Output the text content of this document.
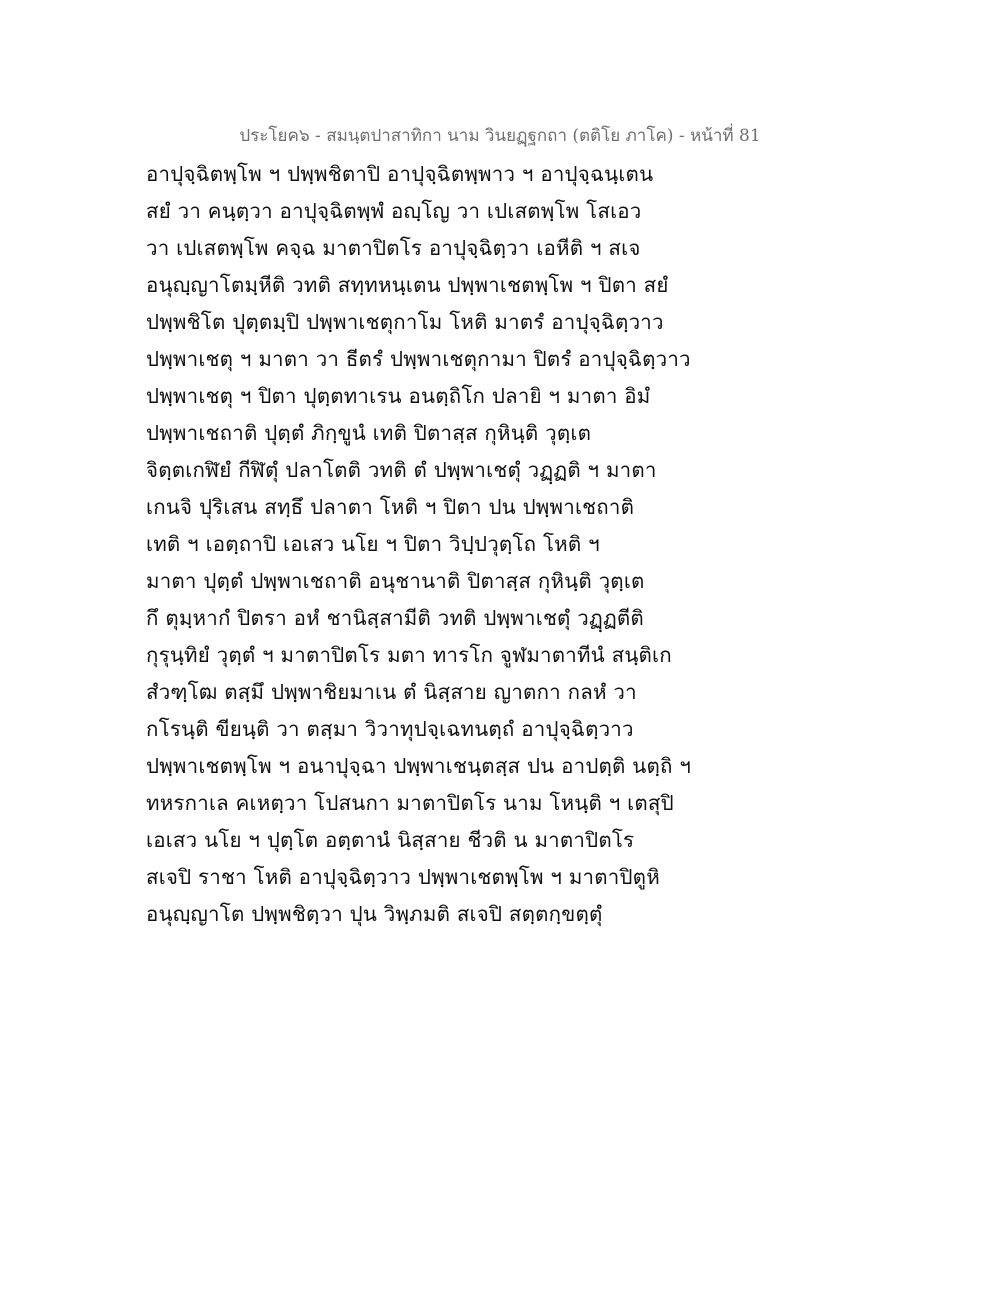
ประโยค๖ - สมนฺตปาสาทิกา นาม วินยฏฺฐกถา (ตติโย ภาโค) - หน้าที่ 81
อาปุจฺฉิตพฺโพ ฯ ปพฺพชิตาปิ อาปุจฺฉิตพฺพาว ฯ อาปุจฺฉนฺเตน
สยํ วา คนฺตฺวา อาปุจฺฉิตพฺพํ อญฺโญ วา เปเสตพฺโพ โสเอว
วา เปเสตพฺโพ คจฺฉ มาตาปิตโร อาปุจฺฉิตฺวา เอหีติ ฯ สเจ
อนุญฺญาโตมฺหีติ วทติ สทฺทหนฺเตน ปพฺพาเชตพฺโพ ฯ ปิตา สยํ
ปพฺพชิโต ปุตฺตมฺปิ ปพฺพาเชตุกาโม โหติ มาตรํ อาปุจฺฉิตฺวาว
ปพฺพาเชตุ ฯ มาตา วา ธีตรํ ปพฺพาเชตุกามา ปิตรํ อาปุจฺฉิตฺวาว
ปพฺพาเชตุ ฯ ปิตา ปุตฺตทาเรน อนตฺถิโก ปลายิ ฯ มาตา อิมํ
ปพฺพาเชถาติ ปุตฺตํ ภิกฺขูนํ เทติ ปิตาสฺส กุหินฺติ วุตฺเต
จิตฺตเกฬิยํ กีฬิตุํ ปลาโตติ วทติ ตํ ปพฺพาเชตุํ วฏฺฏติ ฯ มาตา
เกนจิ ปุริเสน สทฺธึ ปลาตา โหติ ฯ ปิตา ปน ปพฺพาเชถาติ
เทติ ฯ เอตฺถาปิ เอเสว นโย ฯ ปิตา วิปฺปวุตฺโถ โหติ ฯ
มาตา ปุตฺตํ ปพฺพาเชถาติ อนุชานาติ ปิตาสฺส กุหินฺติ วุตฺเต
กึ ตุมฺหากํ ปิตรา อหํ ชานิสฺสามีติ วทติ ปพฺพาเชตุํ วฏฺฏตีติ
กุรุนฺทิยํ วุตฺตํ ฯ มาตาปิตโร มตา ทารโก จูฬมาตาทีนํ สนฺติเก
สํวฑฺโฒ ตสฺมึ ปพฺพาชิยมาเน ตํ นิสฺสาย ญาตกา กลหํ วา
กโรนฺติ ขียนฺติ วา ตสฺมา วิวาทุปจฺเฉทนตฺถํ อาปุจฺฉิตฺวาว
ปพฺพาเชตพฺโพ ฯ อนาปุจฺฉา ปพฺพาเชนฺตสฺส ปน อาปตฺติ นตฺถิ ฯ
ทหรกาเล คเหตฺวา โปสนกา มาตาปิตโร นาม โหนฺติ ฯ เตสุปิ
เอเสว นโย ฯ ปุตฺโต อตฺตานํ นิสฺสาย ชีวติ น มาตาปิตโร
สเจปิ ราชา โหติ อาปุจฺฉิตฺวาว ปพฺพาเชตพฺโพ ฯ มาตาปิตูหิ
อนุญฺญาโต ปพฺพชิตฺวา ปุน วิพฺภมติ สเจปิ สตฺตกฺขตฺตุํ
